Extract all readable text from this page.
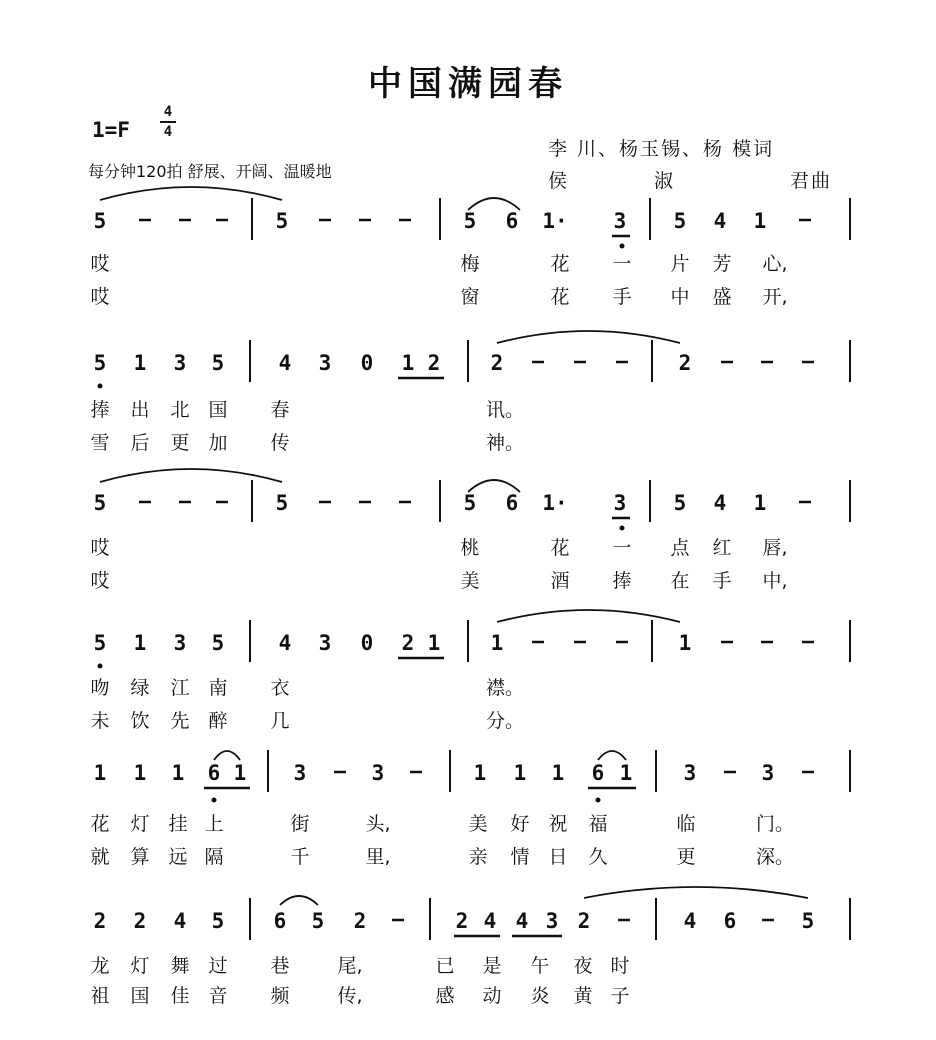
中国满园春
1=F
4
4
每分钟120拍 舒展、开阔、温暖地
李 川、杨玉锡、杨 模词
侯	淑	君曲
5	5	5 6 1· 3 5 4 1
哎	梅	花 一 片 芳 心,
哎	窗	花 手 中 盛 开,
5 1 3 5	4 3 0 1 2 2	2
捧 出 北 国 春	讯。
雪 后 更 加 传	神。
5	5	5 6 1· 3 5 4 1
哎	桃	花 一 点 红 唇,
哎	美	酒 捧 在 手 中,
5 1 3 5	4 3 0 2 1 1	1
吻 绿 江 南 衣	襟。
未 饮 先 醉 几	分。
1 1 1 6 1 3	3	1 1 1 6 1 3	3
花 灯 挂 上	街	头,	美 好 祝 福	临	门。
就 算 远 隔	千	里,	亲 情 日 久	更	深。
2 2 4 5 6 5 2	2 4 4 3 2	4 6	5
龙 灯 舞 过 巷	尾,	已 是 午 夜 时
祖 国 佳 音 频	传,	感 动 炎 黄 子
